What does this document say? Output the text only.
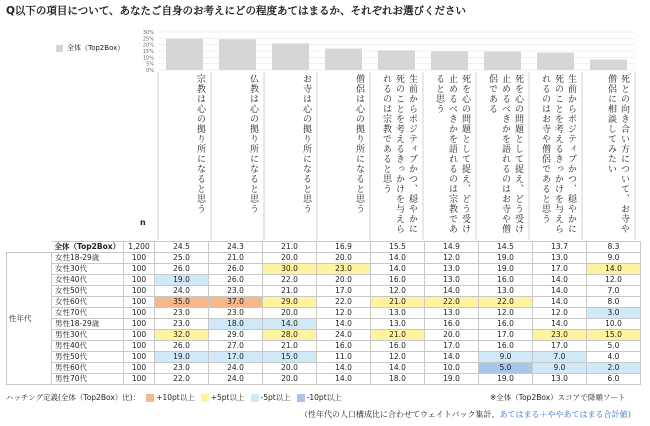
Q以下の項目について、あなたご自身のお考えにどの程度あてはまるか、それぞれお選びください
0%
5%
10%
15%
20%
25%
30%
全体（Top2Box）
宗教は心の拠り所になると思う	仏教は心の拠り所になると思う	お寺は心の拠り所になると思う	僧侶は心の拠り所になると思う	生前からポジティブかつ、穏やかに死のことを考えるきっかけを与えられるのは宗教であると思う	死を心の問題として捉え、どう受け止めるべきかを語れるのは宗教であると思う	死を心の問題として捉え、どう受け止めるべきかを語れるのはお寺や僧侶である	生前からポジティブかつ、穏やかに死のことを考えるきっかけを与えられるのはお寺や僧侶であると思う	死との向き合い方について、お寺や僧侶に相談してみたい
n
	全体（Top2Box）	1,200	24.5	24.3	21.0	16.9	15.5	14.9	14.5	13.7	8.3
性年代	女性18-29歳	100	25.0	21.0	20.0	20.0	14.0	12.0	19.0	13.0	9.0
	女性30代	100	26.0	26.0	30.0	23.0	14.0	13.0	19.0	17.0	14.0
	女性40代	100	19.0	26.0	22.0	20.0	16.0	13.0	16.0	14.0	12.0
	女性50代	100	24.0	23.0	21.0	17.0	12.0	14.0	13.0	14.0	7.0
	女性60代	100	35.0	37.0	29.0	22.0	21.0	22.0	22.0	14.0	8.0
	女性70代	100	23.0	23.0	20.0	12.0	13.0	13.0	12.0	12.0	3.0
	男性18-29歳	100	23.0	18.0	14.0	14.0	13.0	16.0	16.0	14.0	10.0
	男性30代	100	32.0	29.0	28.0	24.0	21.0	20.0	17.0	23.0	15.0
	男性40代	100	26.0	27.0	21.0	16.0	16.0	17.0	16.0	17.0	5.0
	男性50代	100	19.0	17.0	15.0	11.0	12.0	14.0	9.0	7.0	4.0
	男性60代	100	23.0	24.0	20.0	14.0	14.0	10.0	5.0	9.0	2.0
	男性70代	100	22.0	24.0	20.0	14.0	18.0	19.0	19.0	13.0	6.0
ハッチング定義(全体（Top2Box）比)：	+10pt以上 +5pt以上 -5pt以上 -10pt以上	※全体（Top2Box）スコアで降順ソート
（性年代の人口構成比に合わせてウェイトバック集計、あてはまる＋ややあてはまる合計値）
